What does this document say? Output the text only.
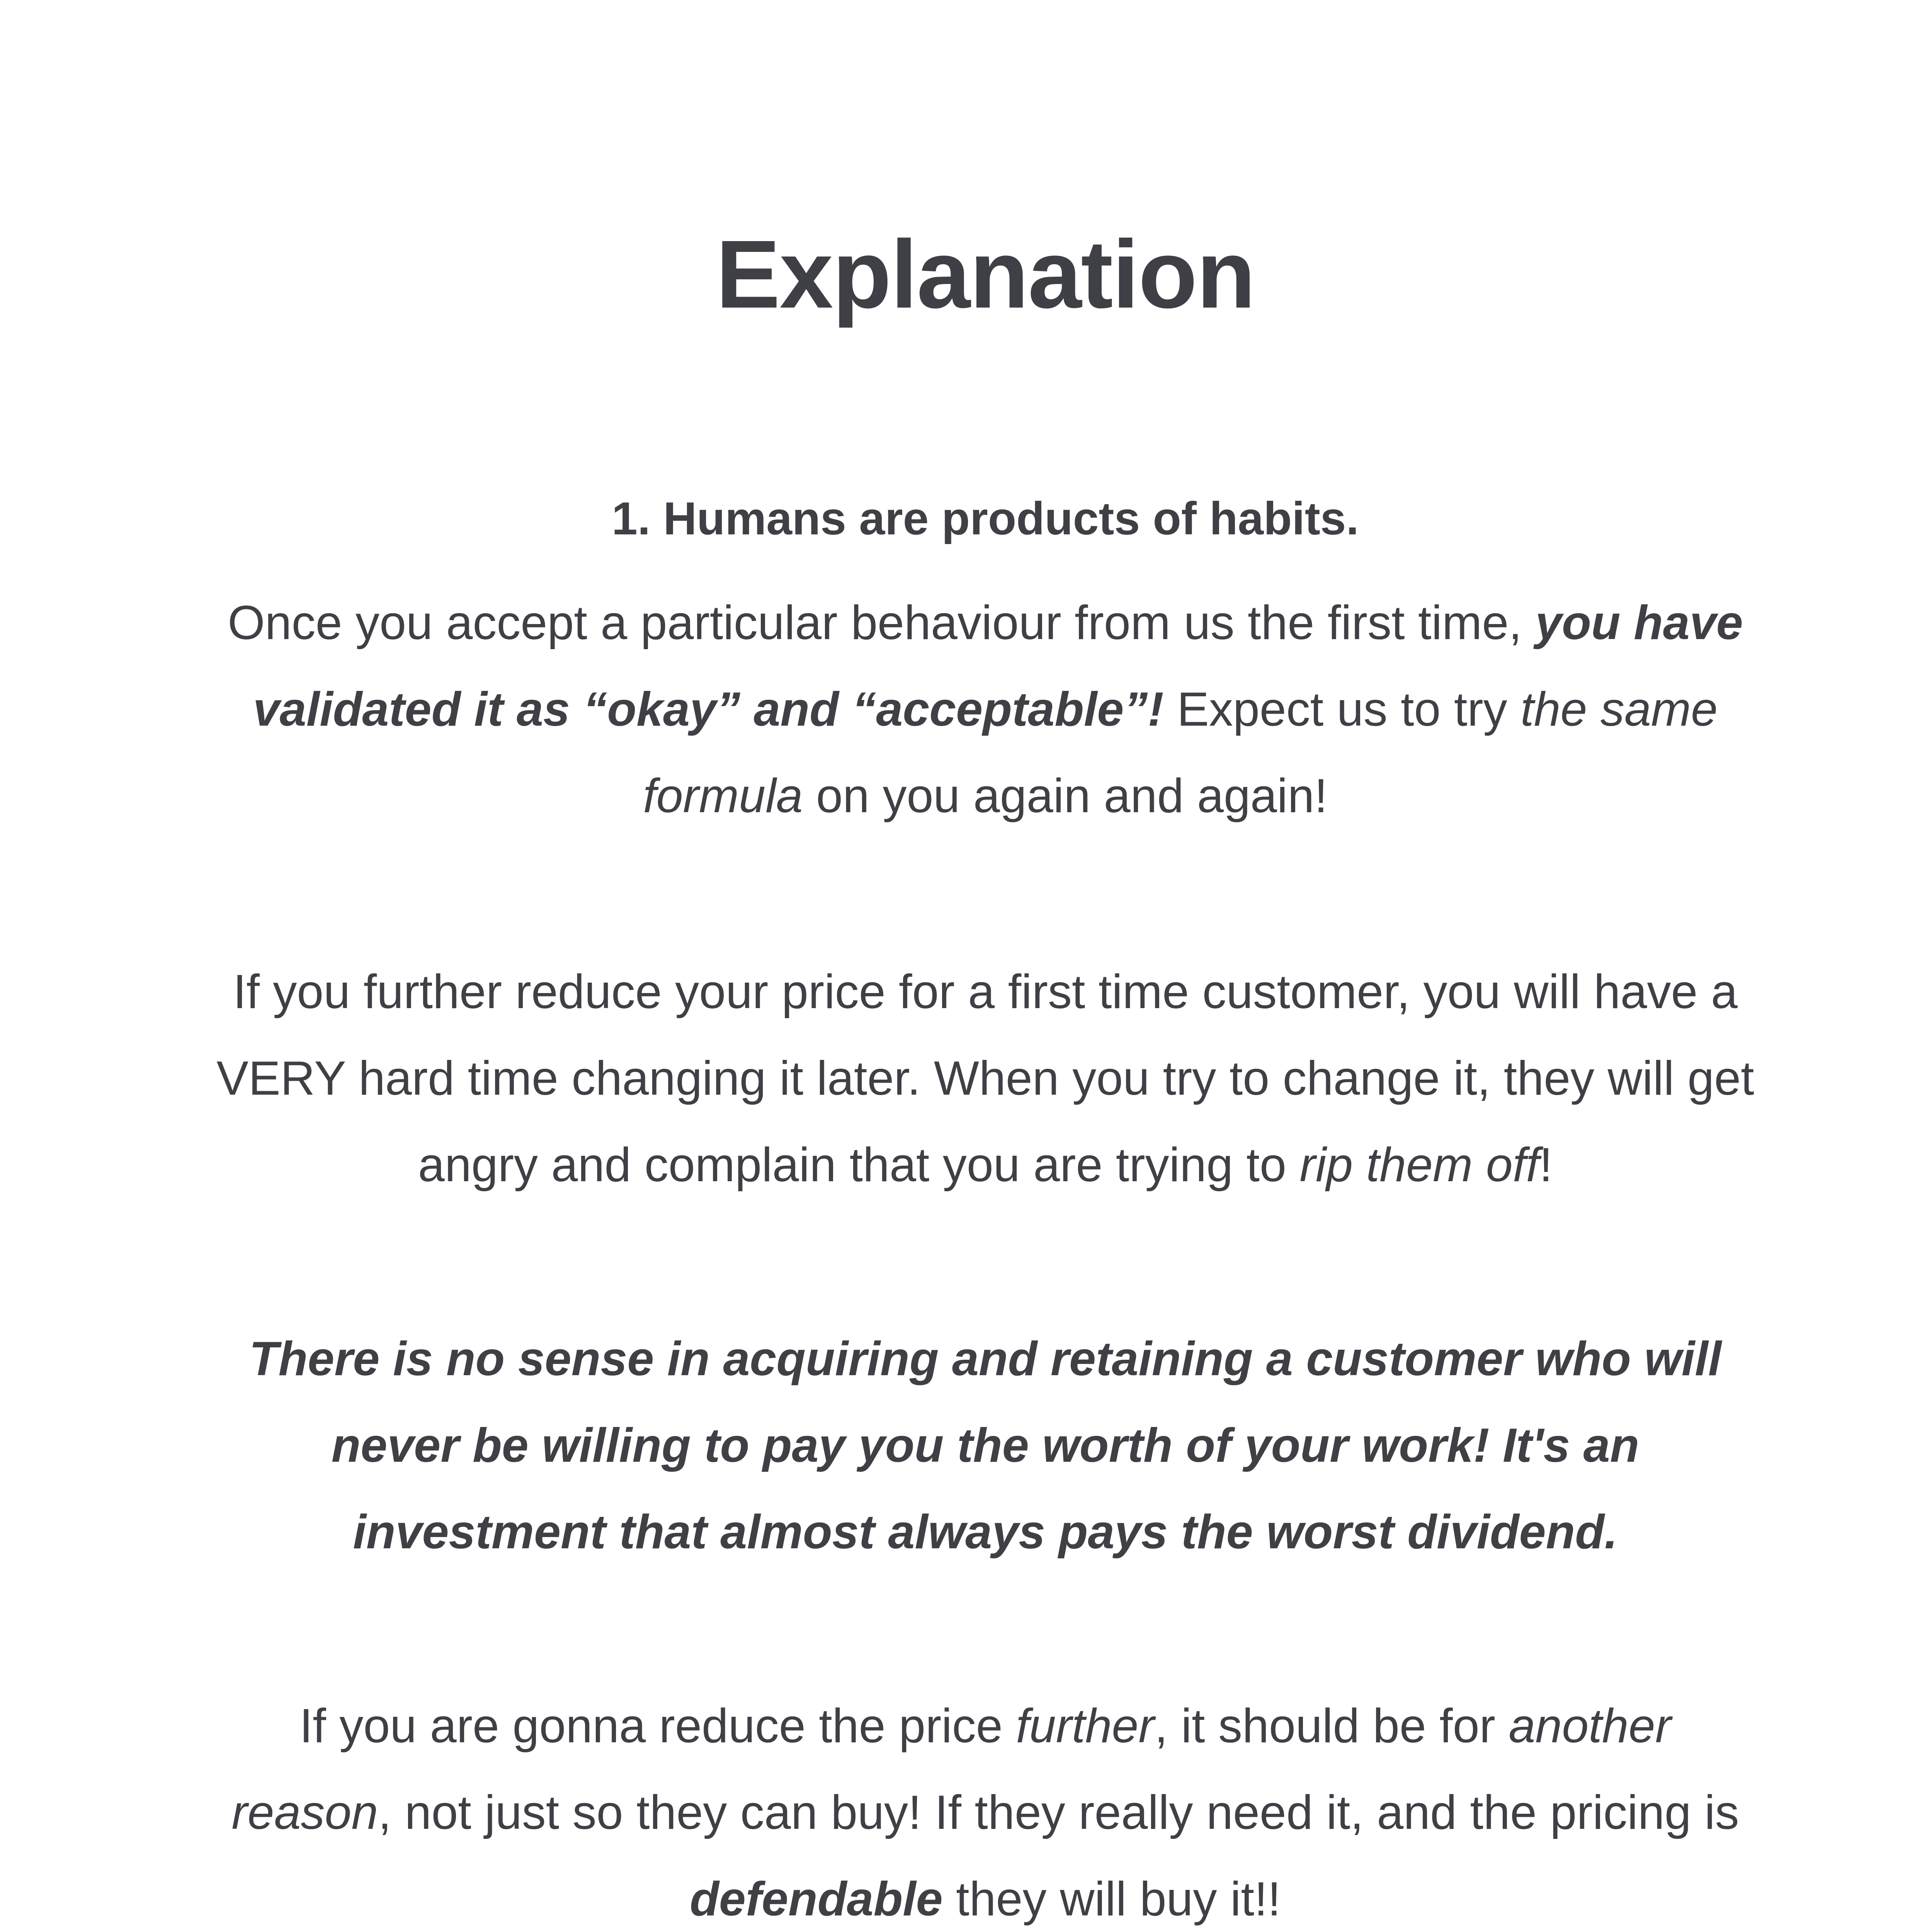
Explanation
1. Humans are products of habits.

Once you accept a particular behaviour from us the first time, you have validated it as “okay” and “acceptable”! Expect us to try the same formula on you again and again!

If you further reduce your price for a first time customer, you will have a VERY hard time changing it later. When you try to change it, they will get angry and complain that you are trying to rip them off!

There is no sense in acquiring and retaining a customer who will never be willing to pay you the worth of your work! It's an investment that almost always pays the worst dividend.

If you are gonna reduce the price further, it should be for another reason, not just so they can buy! If they really need it, and the pricing is defendable they will buy it!!
